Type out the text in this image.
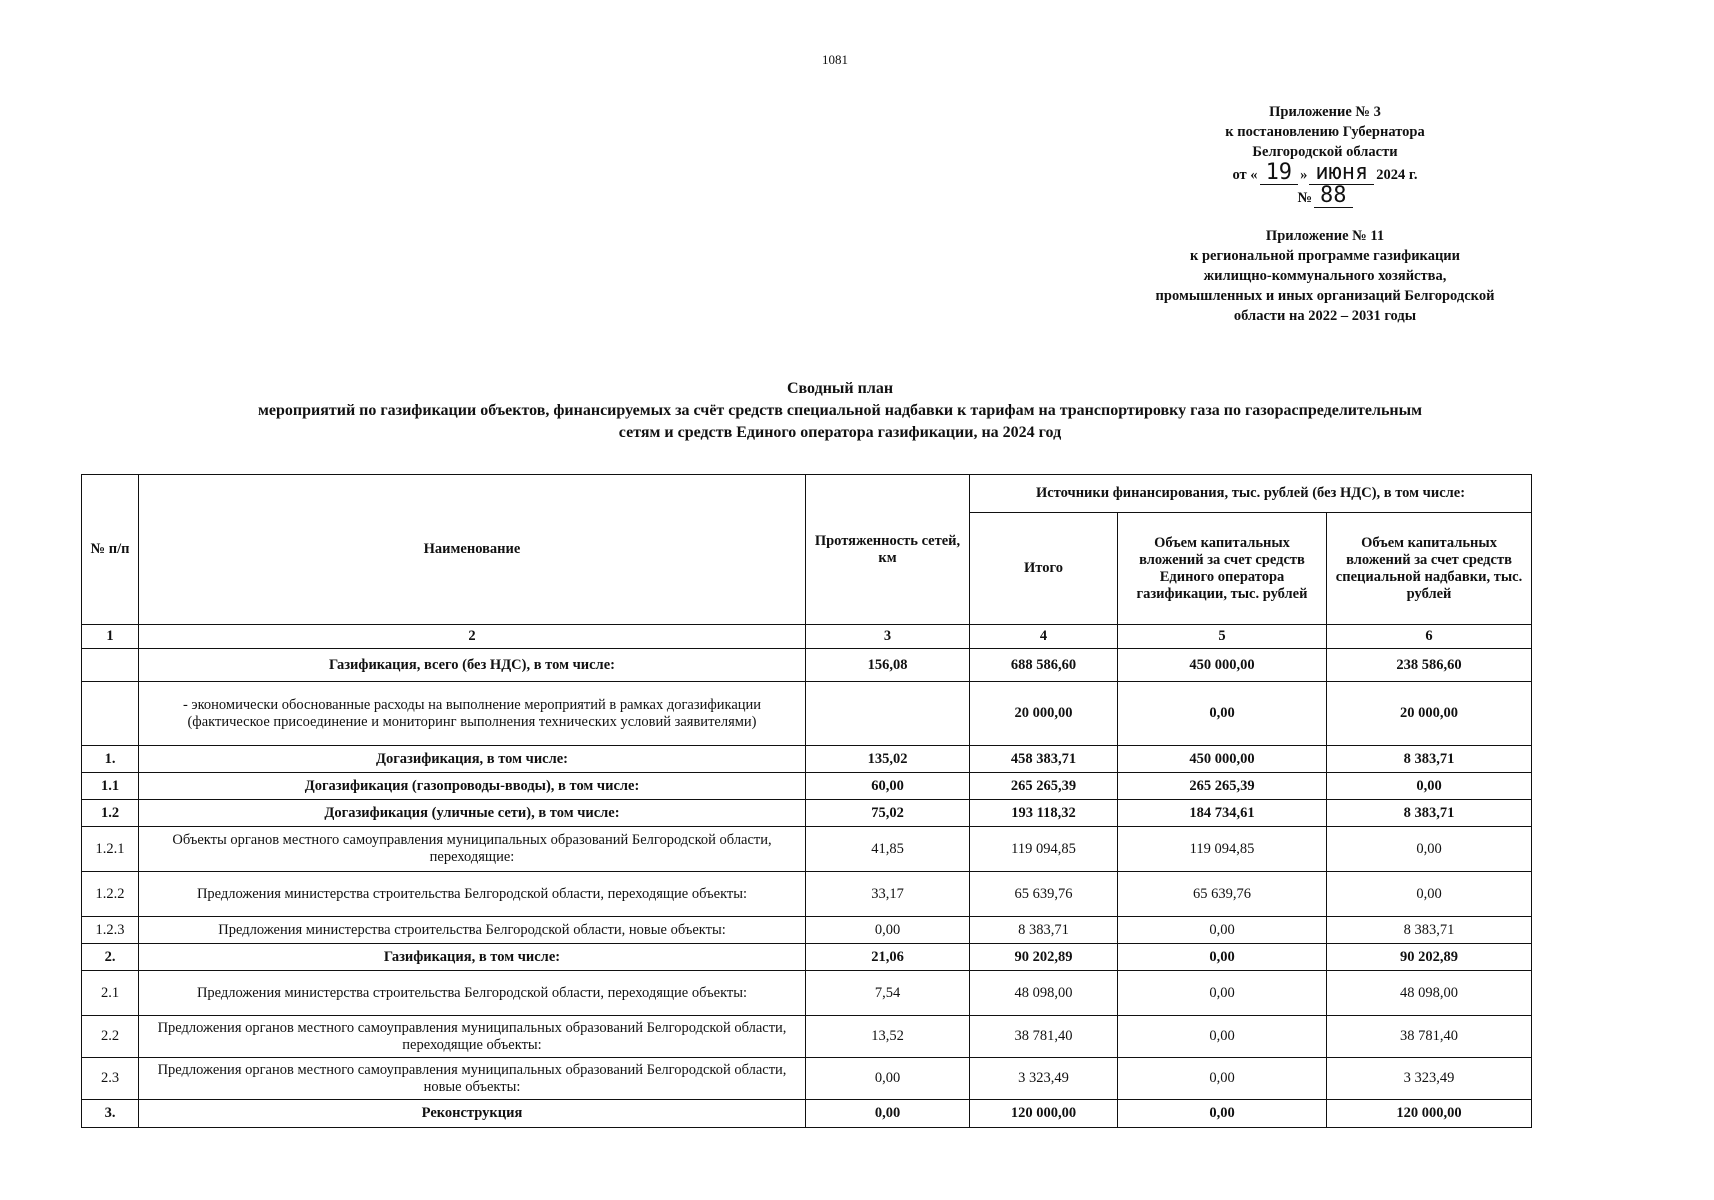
1081
Приложение № 3
к постановлению Губернатора
Белгородской области
от « 19 » июня 2024 г.
№ 88
Приложение № 11
к региональной программе газификации
жилищно-коммунального хозяйства,
промышленных и иных организаций Белгородской
области на 2022 – 2031 годы
Сводный план
мероприятий по газификации объектов, финансируемых за счёт средств специальной надбавки к тарифам на транспортировку газа по газораспределительным
сетям и средств Единого оператора газификации, на 2024 год
№ п/п	Наименование	Протяженность сетей, км	Источники финансирования, тыс. рублей (без НДС), в том числе:		
			Итого	Объем капитальных вложений за счет средств Единого оператора газификации, тыс. рублей	Объем капитальных вложений за счет средств специальной надбавки, тыс. рублей
1	2	3	4	5	6
	Газификация, всего (без НДС), в том числе:	156,08	688 586,60	450 000,00	238 586,60
	- экономически обоснованные расходы на выполнение мероприятий в рамках догазификации (фактическое присоединение и мониторинг выполнения технических условий заявителями)		20 000,00	0,00	20 000,00
1.	Догазификация, в том числе:	135,02	458 383,71	450 000,00	8 383,71
1.1	Догазификация (газопроводы-вводы), в том числе:	60,00	265 265,39	265 265,39	0,00
1.2	Догазификация (уличные сети), в том числе:	75,02	193 118,32	184 734,61	8 383,71
1.2.1	Объекты органов местного самоуправления муниципальных образований Белгородской области, переходящие:	41,85	119 094,85	119 094,85	0,00
1.2.2	Предложения министерства строительства Белгородской области, переходящие объекты:	33,17	65 639,76	65 639,76	0,00
1.2.3	Предложения министерства строительства Белгородской области, новые объекты:	0,00	8 383,71	0,00	8 383,71
2.	Газификация, в том числе:	21,06	90 202,89	0,00	90 202,89
2.1	Предложения министерства строительства Белгородской области, переходящие объекты:	7,54	48 098,00	0,00	48 098,00
2.2	Предложения органов местного самоуправления муниципальных образований Белгородской области, переходящие объекты:	13,52	38 781,40	0,00	38 781,40
2.3	Предложения органов местного самоуправления муниципальных образований Белгородской области, новые объекты:	0,00	3 323,49	0,00	3 323,49
3.	Реконструкция	0,00	120 000,00	0,00	120 000,00
